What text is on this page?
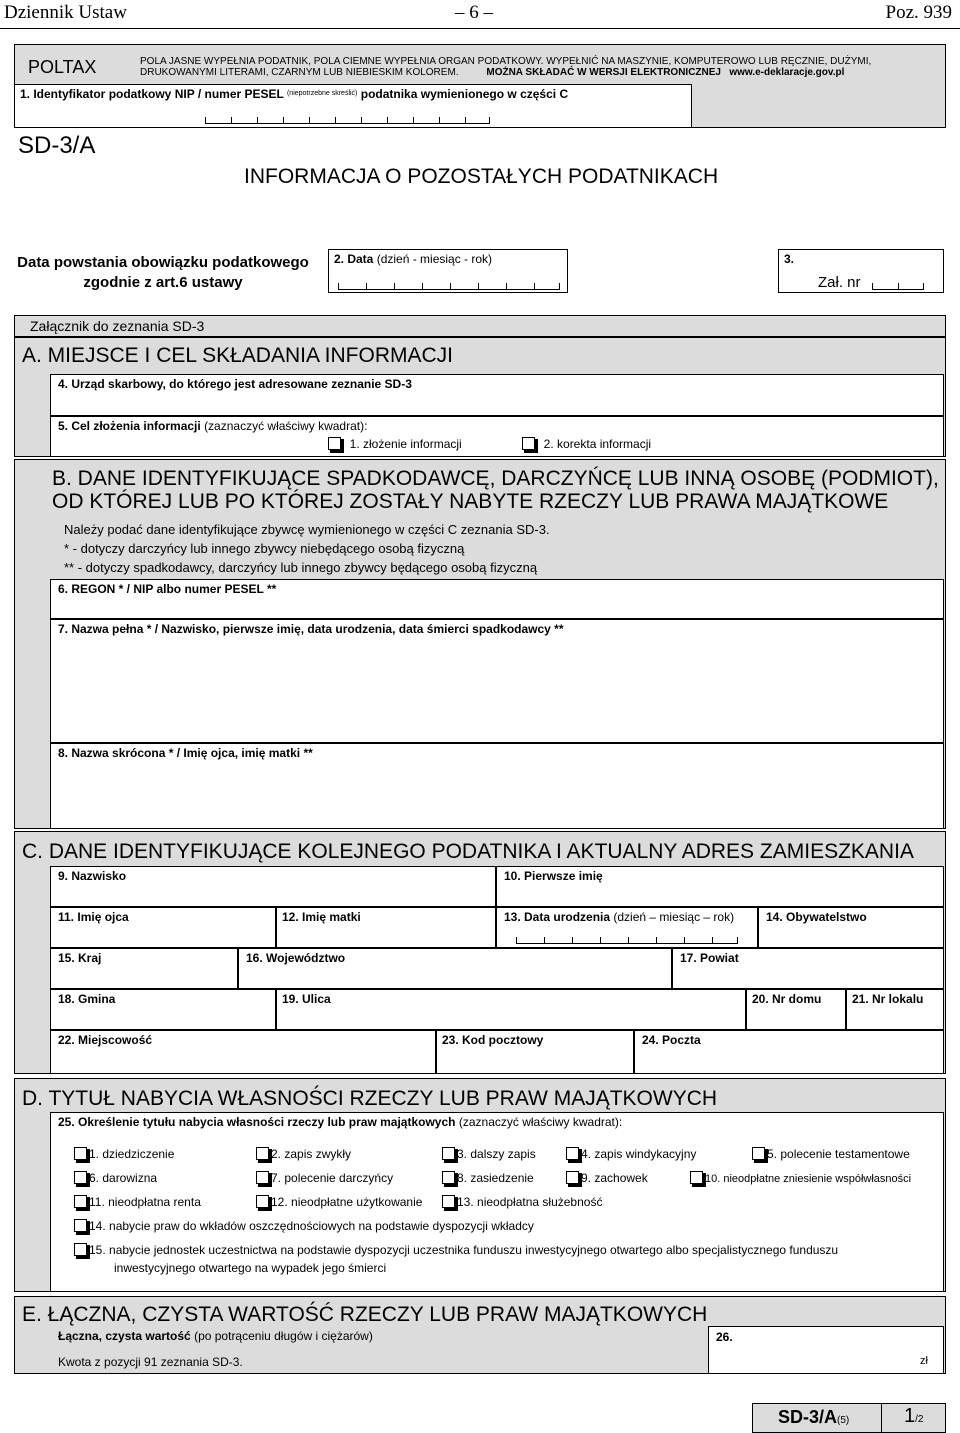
Dziennik Ustaw	– 6 –	Poz. 939
POLTAX	POLA JASNE WYPEŁNIA PODATNIK, POLA CIEMNE WYPEŁNIA ORGAN PODATKOWY. WYPEŁNIĆ NA MASZYNIE, KOMPUTEROWO LUB RĘCZNIE, DUŻYMI,
DRUKOWANYMI LITERAMI, CZARNYM LUB NIEBIESKIM KOLOREM.	MOŻNA SKŁADAĆ W WERSJI ELEKTRONICZNEJ www.e-deklaracje.gov.pl
1. Identyfikator podatkowy NIP / numer PESEL $^{(niepotrzebne skreślić)}$ podatnika wymienionego w części C
SD-3/A
INFORMACJA O POZOSTAŁYCH PODATNIKACH
Data powstania obowiązku podatkowego
zgodnie z art.6 ustawy
2. Data (dzień - miesiąc - rok)	3.
Zał. nr
Załącznik do zeznania SD-3
A. MIEJSCE I CEL SKŁADANIA INFORMACJI
4. Urząd skarbowy, do którego jest adresowane zeznanie SD-3
5. Cel złożenia informacji (zaznaczyć właściwy kwadrat):
1. złożenie informacji	2. korekta informacji
B. DANE IDENTYFIKUJĄCE SPADKODAWCĘ, DARCZYŃCĘ LUB INNĄ OSOBĘ (PODMIOT),
OD KTÓREJ LUB PO KTÓREJ ZOSTAŁY NABYTE RZECZY LUB PRAWA MAJĄTKOWE
Należy podać dane identyfikujące zbywcę wymienionego w części C zeznania SD-3.
* - dotyczy darczyńcy lub innego zbywcy niebędącego osobą fizyczną
** - dotyczy spadkodawcy, darczyńcy lub innego zbywcy będącego osobą fizyczną
6. REGON * / NIP albo numer PESEL **
7. Nazwa pełna * / Nazwisko, pierwsze imię, data urodzenia, data śmierci spadkodawcy **
8. Nazwa skrócona * / Imię ojca, imię matki **
C. DANE IDENTYFIKUJĄCE KOLEJNEGO PODATNIKA I AKTUALNY ADRES ZAMIESZKANIA
9. Nazwisko	10. Pierwsze imię
11. Imię ojca	12. Imię matki	13. Data urodzenia (dzień – miesiąc – rok)	14. Obywatelstwo
15. Kraj	16. Województwo	17. Powiat
18. Gmina	19. Ulica	20. Nr domu	21. Nr lokalu
22. Miejscowość	23. Kod pocztowy	24. Poczta
D. TYTUŁ NABYCIA WŁASNOŚCI RZECZY LUB PRAW MAJĄTKOWYCH
25. Określenie tytułu nabycia własności rzeczy lub praw majątkowych (zaznaczyć właściwy kwadrat):
1. dziedziczenie	2. zapis zwykły	3. dalszy zapis	4. zapis windykacyjny	5. polecenie testamentowe
6. darowizna	7. polecenie darczyńcy	8. zasiedzenie	9. zachowek	10. nieodpłatne zniesienie współwłasności
11. nieodpłatna renta	12. nieodpłatne użytkowanie	13. nieodpłatna służebność
14. nabycie praw do wkładów oszczędnościowych na podstawie dyspozycji wkładcy
15. nabycie jednostek uczestnictwa na podstawie dyspozycji uczestnika funduszu inwestycyjnego otwartego albo specjalistycznego funduszu
inwestycyjnego otwartego na wypadek jego śmierci
E. ŁĄCZNA, CZYSTA WARTOŚĆ RZECZY LUB PRAW MAJĄTKOWYCH
Łączna, czysta wartość (po potrąceniu długów i ciężarów)
Kwota z pozycji 91 zeznania SD-3.
26.
zł
SD-3/A(5)	1/2
